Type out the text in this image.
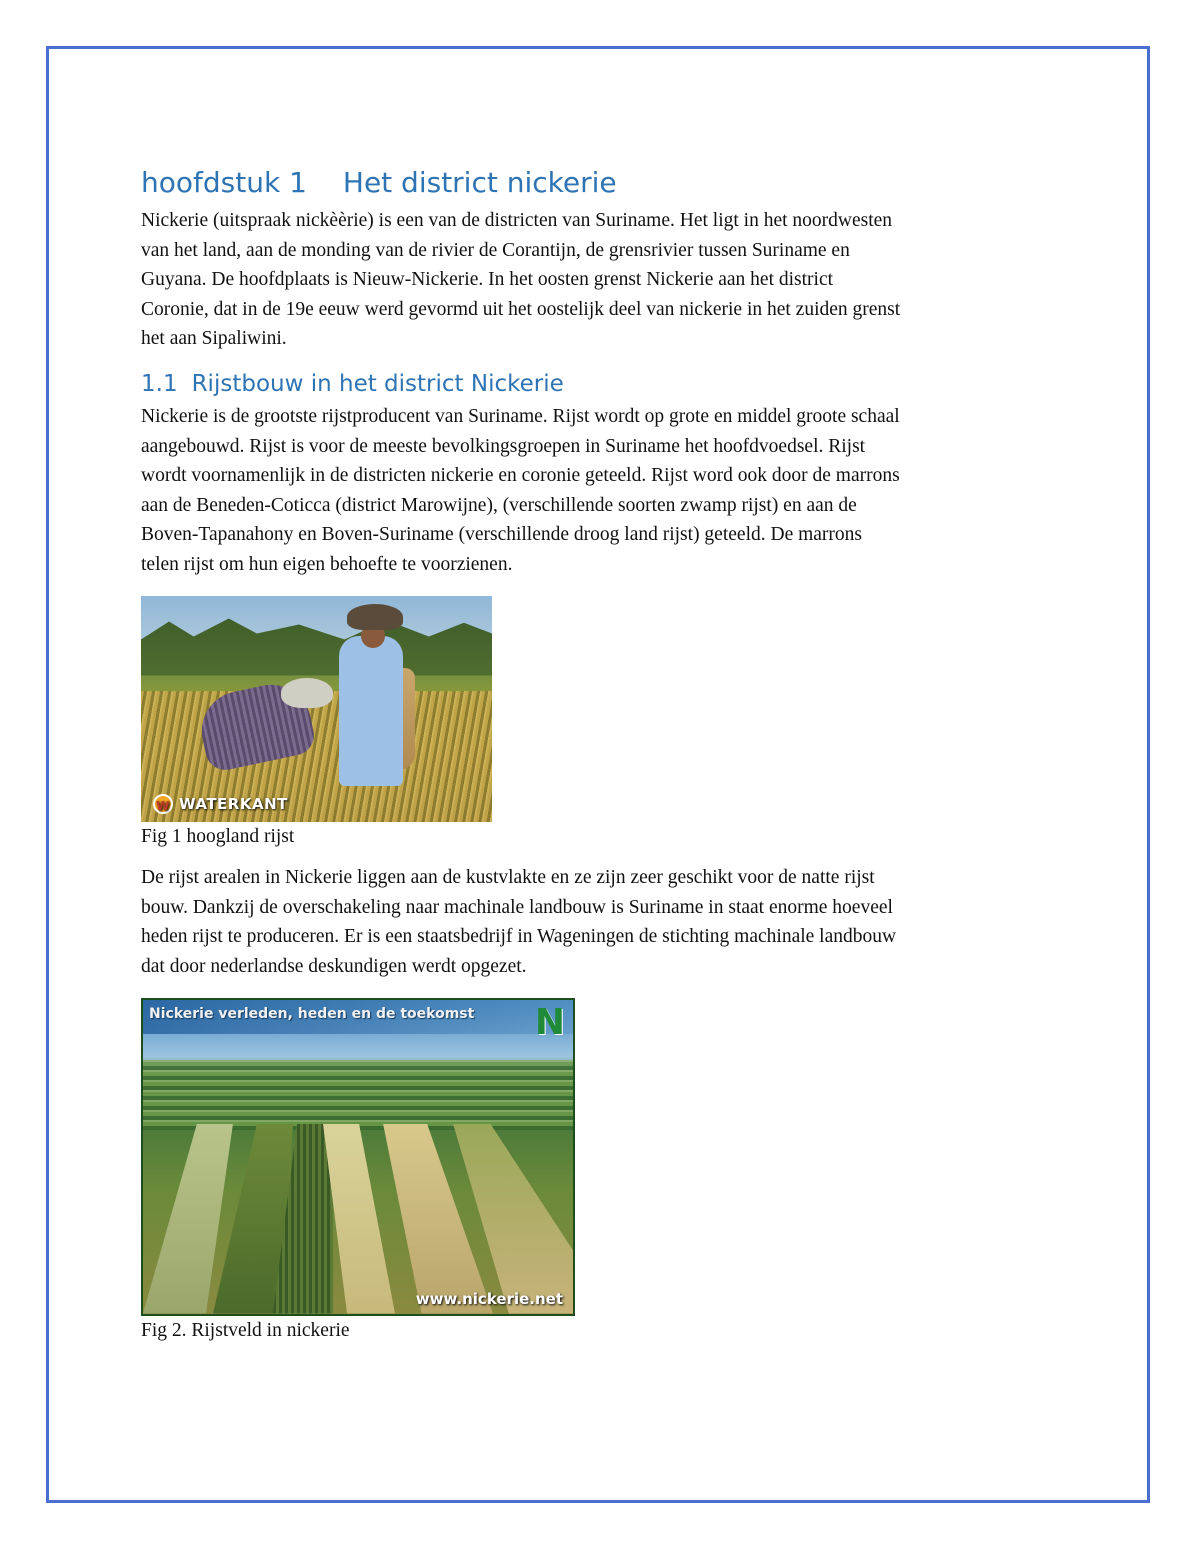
hoofdstuk 1 Het district nickerie

Nickerie (uitspraak nickèèrie) is een van de districten van Suriname. Het ligt in het noordwesten
van het land, aan de monding van de rivier de Corantijn, de grensrivier tussen Suriname en
Guyana. De hoofdplaats is Nieuw-Nickerie. In het oosten grenst Nickerie aan het district
Coronie, dat in de 19e eeuw werd gevormd uit het oostelijk deel van nickerie in het zuiden grenst
het aan Sipaliwini.

1.1 Rijstbouw in het district Nickerie

Nickerie is de grootste rijstproducent van Suriname. Rijst wordt op grote en middel groote schaal
aangebouwd. Rijst is voor de meeste bevolkingsgroepen in Suriname het hoofdvoedsel. Rijst
wordt voornamenlijk in de districten nickerie en coronie geteeld. Rijst word ook door de marrons
aan de Beneden-Coticca (district Marowijne), (verschillende soorten zwamp rijst) en aan de
Boven-Tapanahony en Boven-Suriname (verschillende droog land rijst) geteeld. De marrons
telen rijst om hun eigen behoefte te voorzienen.

W WATERKANT

Fig 1 hoogland rijst

De rijst arealen in Nickerie liggen aan de kustvlakte en ze zijn zeer geschikt voor de natte rijst
bouw. Dankzij de overschakeling naar machinale landbouw is Suriname in staat enorme hoeveel
heden rijst te produceren. Er is een staatsbedrijf in Wageningen de stichting machinale landbouw
dat door nederlandse deskundigen werdt opgezet.

Nickerie verleden, heden en de toekomst N
www.nickerie.net

Fig 2. Rijstveld in nickerie
